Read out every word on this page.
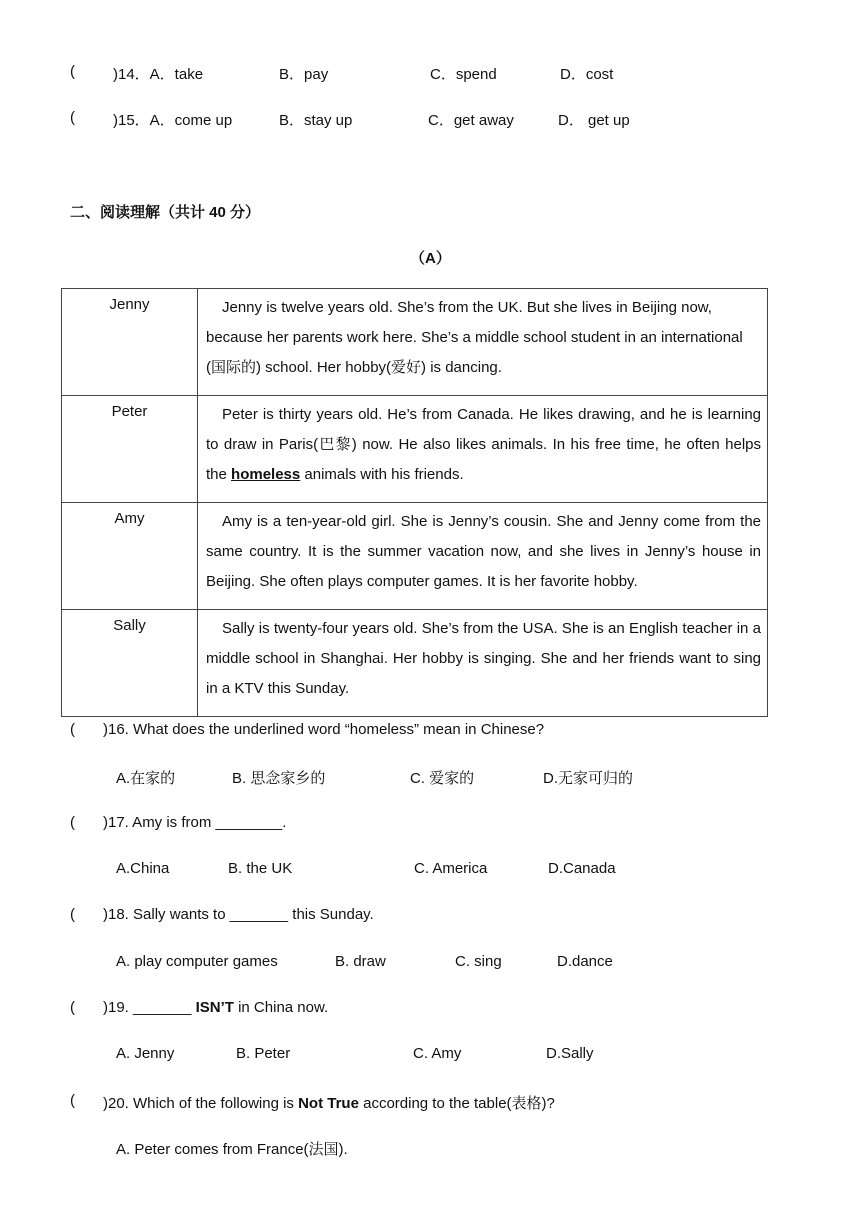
(	)14．A．take	B．pay	C．spend	D．cost
(	)15．A．come up	B．stay up	C．get away	D． get up
二、阅读理解（共计 40 分）
（A）
Jenny	Jenny is twelve years old. She’s from the UK. But she lives in Beijing now, because her parents work here. She’s a middle school student in an international (国际的) school. Her hobby(爱好) is dancing.

Peter	Peter is thirty years old. He’s from Canada. He likes drawing, and he is learning to draw in Paris(巴黎) now. He also likes animals. In his free time, he often helps the homeless animals with his friends.

Amy	Amy is a ten-year-old girl. She is Jenny’s cousin. She and Jenny come from the same country. It is the summer vacation now, and she lives in Jenny’s house in Beijing. She often plays computer games. It is her favorite hobby.

Sally	Sally is twenty-four years old. She’s from the USA. She is an English teacher in a middle school in Shanghai. Her hobby is singing. She and her friends want to sing in a KTV this Sunday.
( )16. What does the underlined word “homeless” mean in Chinese?
A.在家的	B. 思念家乡的	C. 爱家的	D.无家可归的
( )17. Amy is from ________.
A.China	B. the UK	C. America	D.Canada
( )18. Sally wants to _______ this Sunday.
A. play computer games	B. draw	C. sing	D.dance
( )19. _______ ISN’T in China now.
A. Jenny	B. Peter	C. Amy	D.Sally
( )20. Which of the following is Not True according to the table(表格)?
A. Peter comes from France(法国).
